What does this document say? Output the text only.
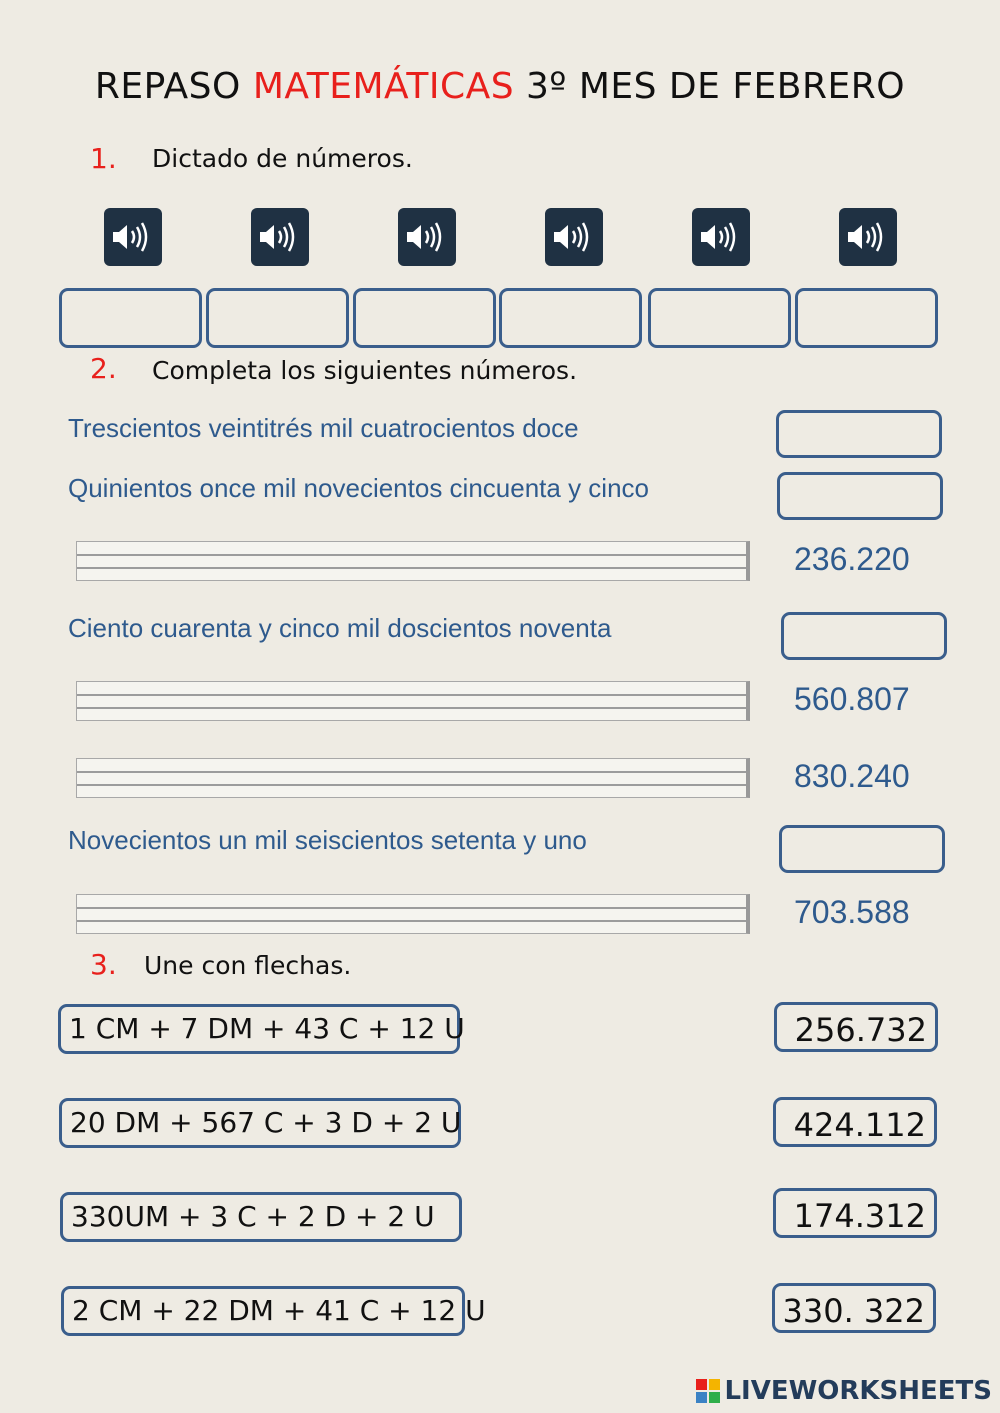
REPASO MATEMÁTICAS 3º MES DE FEBRERO
1. Dictado de números.
2. Completa los siguientes números.
Trescientos veintitrés mil cuatrocientos doce
Quinientos once mil novecientos cincuenta y cinco
236.220
Ciento cuarenta y cinco mil doscientos noventa
560.807
830.240
Novecientos un mil seiscientos setenta y uno
703.588
3. Une con flechas.
1 CM + 7 DM + 43 C + 12 U	256.732
20 DM + 567 C + 3 D + 2 U	424.112
330UM + 3 C + 2 D + 2 U	174.312
2 CM + 22 DM + 41 C + 12 U	330. 322
LIVEWORKSHEETS
